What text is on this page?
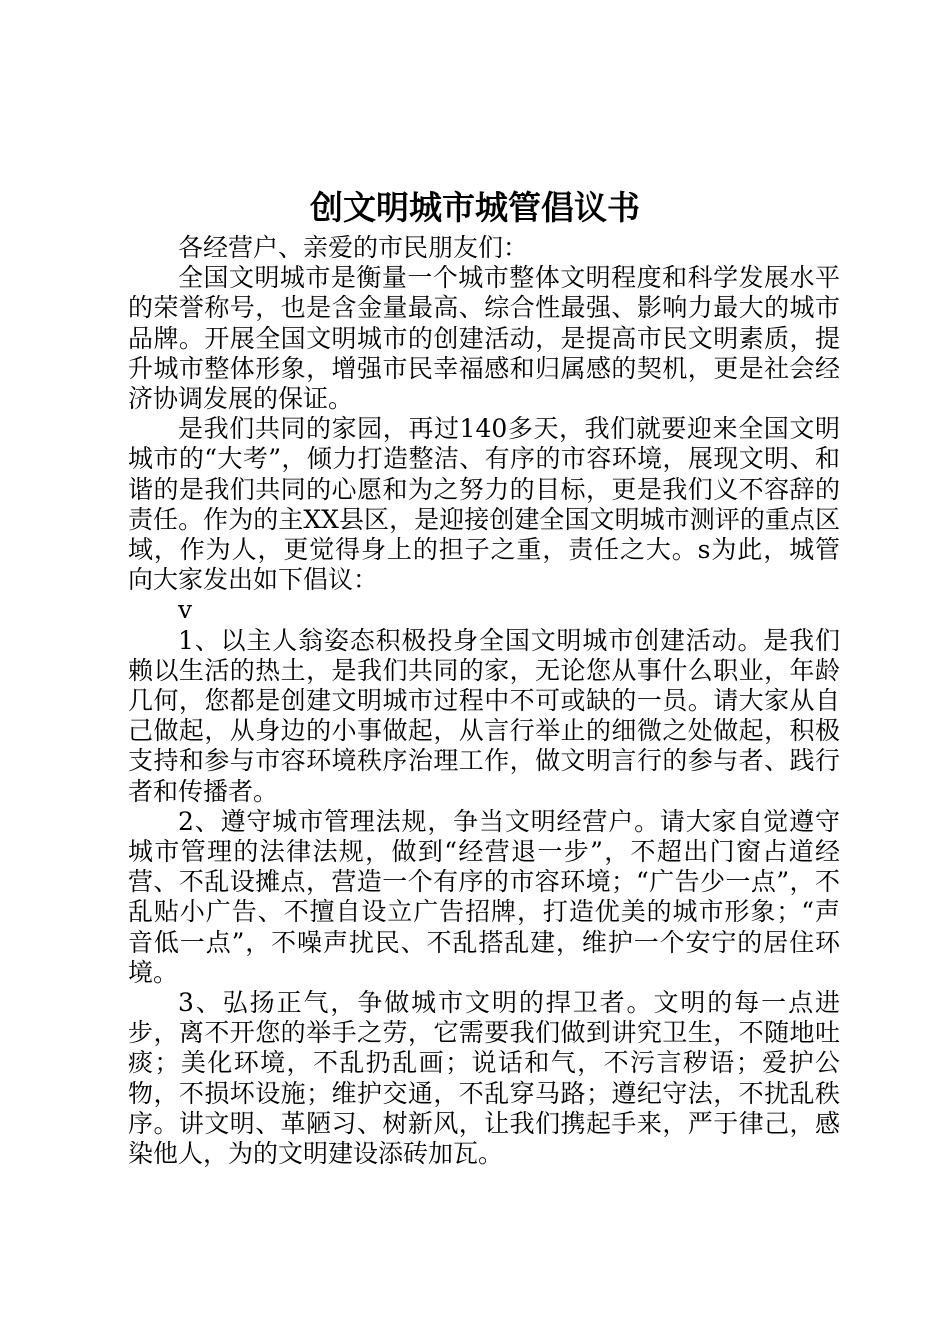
创文明城市城管倡议书

各经营户、亲爱的市民朋友们：

全国文明城市是衡量一个城市整体文明程度和科学发展水平的荣誉称号，也是含金量最高、综合性最强、影响力最大的城市品牌。开展全国文明城市的创建活动，是提高市民文明素质，提升城市整体形象，增强市民幸福感和归属感的契机，更是社会经济协调发展的保证。

是我们共同的家园，再过140多天，我们就要迎来全国文明城市的“大考”，倾力打造整洁、有序的市容环境，展现文明、和谐的是我们共同的心愿和为之努力的目标，更是我们义不容辞的责任。作为的主XX县区，是迎接创建全国文明城市测评的重点区域，作为人，更觉得身上的担子之重，责任之大。s为此，城管向大家发出如下倡议：

v

1、以主人翁姿态积极投身全国文明城市创建活动。是我们赖以生活的热土，是我们共同的家，无论您从事什么职业，年龄几何，您都是创建文明城市过程中不可或缺的一员。请大家从自己做起，从身边的小事做起，从言行举止的细微之处做起，积极支持和参与市容环境秩序治理工作，做文明言行的参与者、践行者和传播者。

2、遵守城市管理法规，争当文明经营户。请大家自觉遵守城市管理的法律法规，做到“经营退一步”，不超出门窗占道经营、不乱设摊点，营造一个有序的市容环境；“广告少一点”，不乱贴小广告、不擅自设立广告招牌，打造优美的城市形象；“声音低一点”，不噪声扰民、不乱搭乱建，维护一个安宁的居住环境。

3、弘扬正气，争做城市文明的捍卫者。文明的每一点进步，离不开您的举手之劳，它需要我们做到讲究卫生，不随地吐痰；美化环境，不乱扔乱画；说话和气，不污言秽语；爱护公物，不损坏设施；维护交通，不乱穿马路；遵纪守法，不扰乱秩序。讲文明、革陋习、树新风，让我们携起手来，严于律己，感染他人，为的文明建设添砖加瓦。
